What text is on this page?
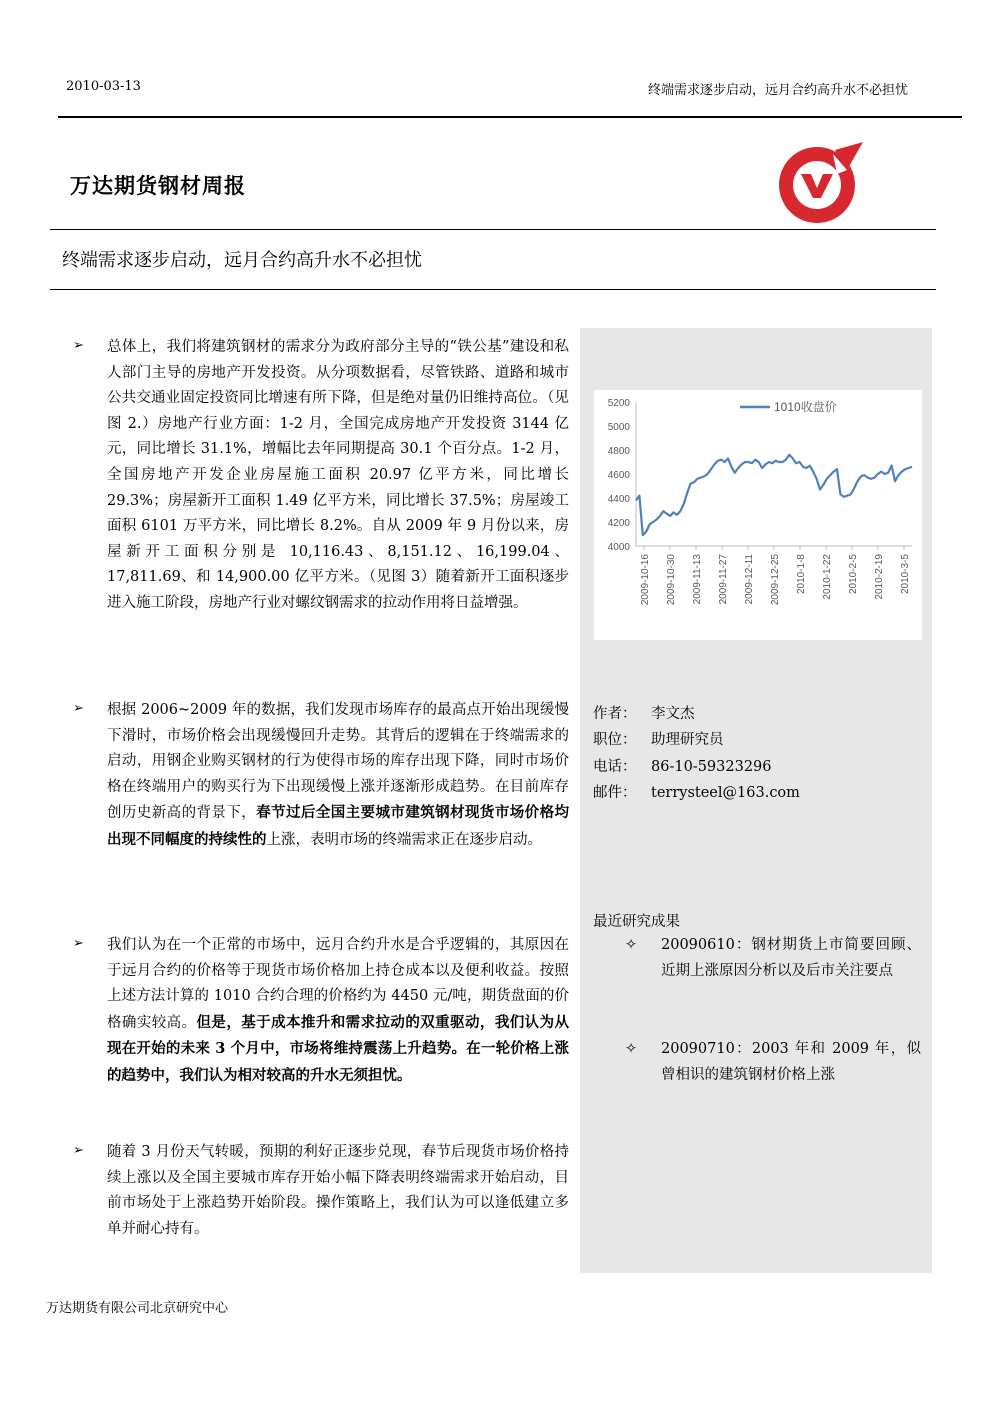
2010-03-13	终端需求逐步启动，远月合约高升水不必担忧
万达期货钢材周报
终端需求逐步启动，远月合约高升水不必担忧
4000
4200
4400
4600
4800
5000
5200
2009-10-16 2009-10-30 2009-11-13 2009-11-27 2009-12-11 2009-12-25 2010-1-8 2010-1-22 2010-2-5 2010-2-19 2010-3-5
1010收盘价
➢ 总体上，我们将建筑钢材的需求分为政府部分主导的“铁公基”建设和私人部门主导的房地产开发投资。从分项数据看，尽管铁路、道路和城市公共交通业固定投资同比增速有所下降，但是绝对量仍旧维持高位。（见图 2.）房地产行业方面：1-2 月，全国完成房地产开发投资 3144 亿元，同比增长 31.1%，增幅比去年同期提高 30.1 个百分点。1-2 月，全国房地产开发企业房屋施工面积 20.97 亿平方米，同比增长 29.3%；房屋新开工面积 1.49 亿平方米，同比增长 37.5%；房屋竣工面积 6101 万平方米，同比增长 8.2%。自从 2009 年 9 月份以来，房屋新开工面积分别是 10,116.43、8,151.12、16,199.04、17,811.69、和 14,900.00 亿平方米。（见图 3）随着新开工面积逐步进入施工阶段，房地产行业对螺纹钢需求的拉动作用将日益增强。
➢ 根据 2006~2009 年的数据，我们发现市场库存的最高点开始出现缓慢下滑时，市场价格会出现缓慢回升走势。其背后的逻辑在于终端需求的启动，用钢企业购买钢材的行为使得市场的库存出现下降，同时市场价格在终端用户的购买行为下出现缓慢上涨并逐渐形成趋势。在目前库存创历史新高的背景下，春节过后全国主要城市建筑钢材现货市场价格均出现不同幅度的持续性的上涨，表明市场的终端需求正在逐步启动。
➢ 我们认为在一个正常的市场中，远月合约升水是合乎逻辑的，其原因在于远月合约的价格等于现货市场价格加上持仓成本以及便利收益。按照上述方法计算的 1010 合约合理的价格约为 4450 元/吨，期货盘面的价格确实较高。但是，基于成本推升和需求拉动的双重驱动，我们认为从现在开始的未来 3 个月中，市场将维持震荡上升趋势。在一轮价格上涨的趋势中，我们认为相对较高的升水无须担忧。
➢ 随着 3 月份天气转暖，预期的利好正逐步兑现，春节后现货市场价格持续上涨以及全国主要城市库存开始小幅下降表明终端需求开始启动，目前市场处于上涨趋势开始阶段。操作策略上，我们认为可以逢低建立多单并耐心持有。
作者： 李文杰
职位： 助理研究员
电话： 86-10-59323296
邮件： terrysteel@163.com
最近研究成果
✧ 20090610：钢材期货上市简要回顾、近期上涨原因分析以及后市关注要点
✧ 20090710：2003 年和 2009 年，似曾相识的建筑钢材价格上涨
万达期货有限公司北京研究中心
